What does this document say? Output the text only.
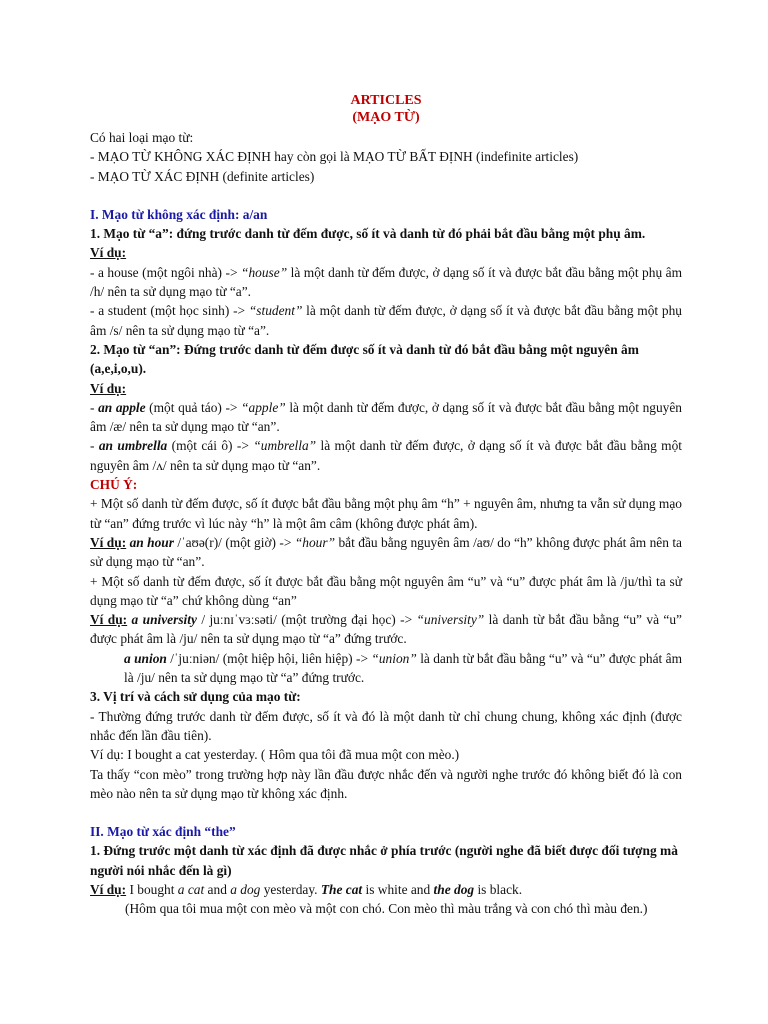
ARTICLES
(MẠO TỪ)

Có hai loại mạo từ:

- MẠO TỪ KHÔNG XÁC ĐỊNH hay còn gọi là MẠO TỪ BẤT ĐỊNH (indefinite articles)

- MẠO TỪ XÁC ĐỊNH (definite articles)

I. Mạo từ không xác định: a/an

1. Mạo từ “a”: đứng trước danh từ đếm được, số ít và danh từ đó phải bắt đầu bằng một phụ âm.

Ví dụ:

- a house (một ngôi nhà) -> “house” là một danh từ đếm được, ở dạng số ít và được bắt đầu bằng một phụ âm /h/ nên ta sử dụng mạo từ “a”.

- a student (một học sinh) -> “student” là một danh từ đếm được, ở dạng số ít và được bắt đầu bằng một phụ âm /s/ nên ta sử dụng mạo từ “a”.

2. Mạo từ “an”: Đứng trước danh từ đếm được số ít và danh từ đó bắt đầu bằng một nguyên âm (a,e,i,o,u).

Ví dụ:

- an apple (một quả táo) -> “apple” là một danh từ đếm được, ở dạng số ít và được bắt đầu bằng một nguyên âm /æ/ nên ta sử dụng mạo từ “an”.

- an umbrella (một cái ô) -> “umbrella” là một danh từ đếm được, ở dạng số ít và được bắt đầu bằng một nguyên âm /ʌ/ nên ta sử dụng mạo từ “an”.

CHÚ Ý:

+ Một số danh từ đếm được, số ít được bắt đầu bằng một phụ âm “h” + nguyên âm, nhưng ta vẫn sử dụng mạo từ “an” đứng trước vì lúc này “h” là một âm câm (không được phát âm).

Ví dụ: an hour /ˈaʊə(r)/ (một giờ) -> “hour” bắt đầu bằng nguyên âm /aʊ/ do “h” không được phát âm nên ta sử dụng mạo từ “an”.

+ Một số danh từ đếm được, số ít được bắt đầu bằng một nguyên âm “u” và “u” được phát âm là /ju/thì ta sử dụng mạo từ “a” chứ không dùng “an”

Ví dụ: a university / juːnɪˈvɜːsəti/ (một trường đại học) -> “university” là danh từ bắt đầu bằng “u” và “u” được phát âm là /ju/ nên ta sử dụng mạo từ “a” đứng trước.

a union /ˈjuːniən/ (một hiệp hội, liên hiệp) -> “union” là danh từ bắt đầu bằng “u” và “u” được phát âm là /ju/ nên ta sử dụng mạo từ “a” đứng trước.

3. Vị trí và cách sử dụng của mạo từ:

- Thường đứng trước danh từ đếm được, số ít và đó là một danh từ chỉ chung chung, không xác định (được nhắc đến lần đầu tiên).

Ví dụ: I bought a cat yesterday. ( Hôm qua tôi đã mua một con mèo.)

Ta thấy “con mèo” trong trường hợp này lần đầu được nhắc đến và người nghe trước đó không biết đó là con mèo nào nên ta sử dụng mạo từ không xác định.

II. Mạo từ xác định “the”

1. Đứng trước một danh từ xác định đã được nhắc ở phía trước (người nghe đã biết được đối tượng mà người nói nhắc đến là gì)

Ví dụ: I bought a cat and a dog yesterday. The cat is white and the dog is black.

(Hôm qua tôi mua một con mèo và một con chó. Con mèo thì màu trắng và con chó thì màu đen.)
